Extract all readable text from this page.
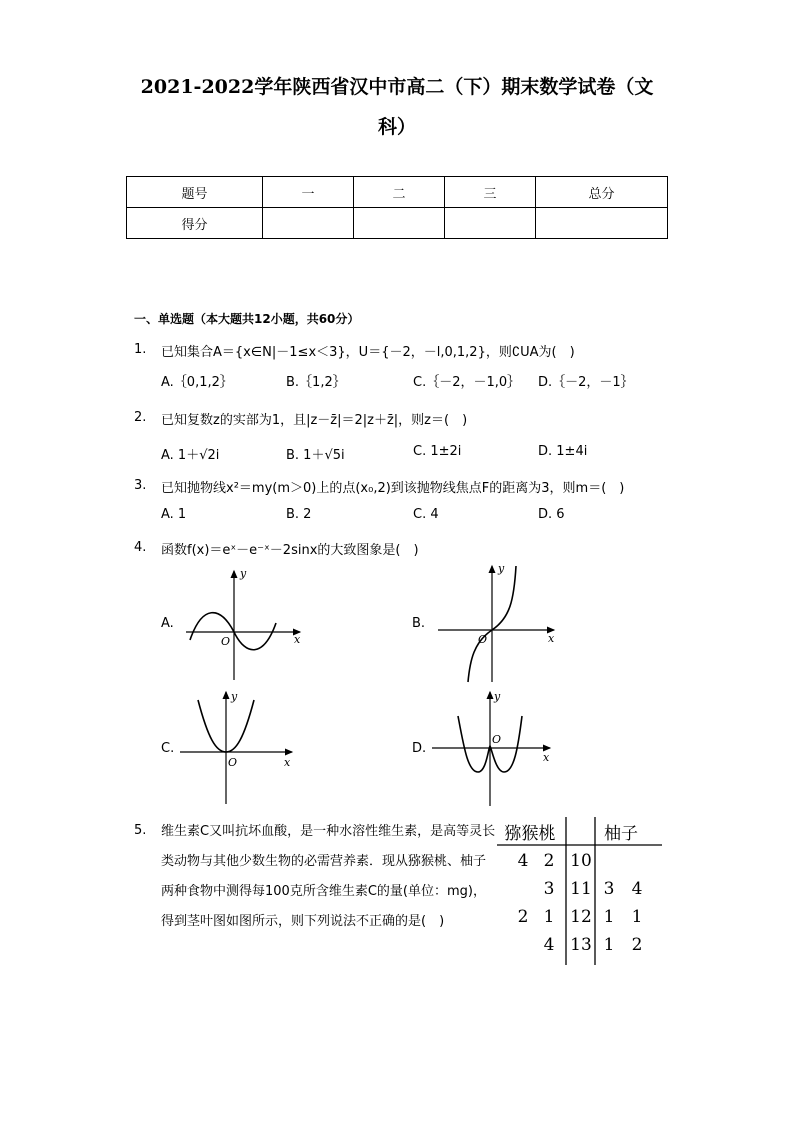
2021-2022学年陕西省汉中市高二（下）期末数学试卷（文
科）
题号	一	二	三	总分
得分				
一、单选题（本大题共12小题，共60分）
1. 已知集合A＝{x∈N|－1≤x＜3}，U＝{－2，－l,0,1,2}，则∁UA为(　)
A.｛0,1,2｝	B.｛1,2｝	C.｛－2，－1,0｝ D.｛－2，－1｝
2. 已知复数z的实部为1，且|z－z̄|＝2|z＋z̄|，则z＝(　)
A. 1＋√2i	B. 1＋√5i	C. 1±2i	D. 1±4i
3. 已知抛物线x²＝my(m＞0)上的点(x₀,2)到该抛物线焦点F的距离为3，则m＝(　)
A. 1	B. 2	C. 4	D. 6
4. 函数f(x)＝eˣ－e⁻ˣ－2sinx的大致图象是(　)
A.	B.
C.	D.
y
x
O
y
x
O
y
x
O
y
x
O
5. 维生素C又叫抗坏血酸，是一种水溶性维生素，是高等灵长类动物与其他少数生物的必需营养素．现从猕猴桃、柚子两种食物中测得每100克所含维生素C的量(单位：mg)，得到茎叶图如图所示，则下列说法不正确的是(　)
猕猴桃	柚子
4 2 10
3 11 3 4
2 1 12 1 1
4 13 1 2
